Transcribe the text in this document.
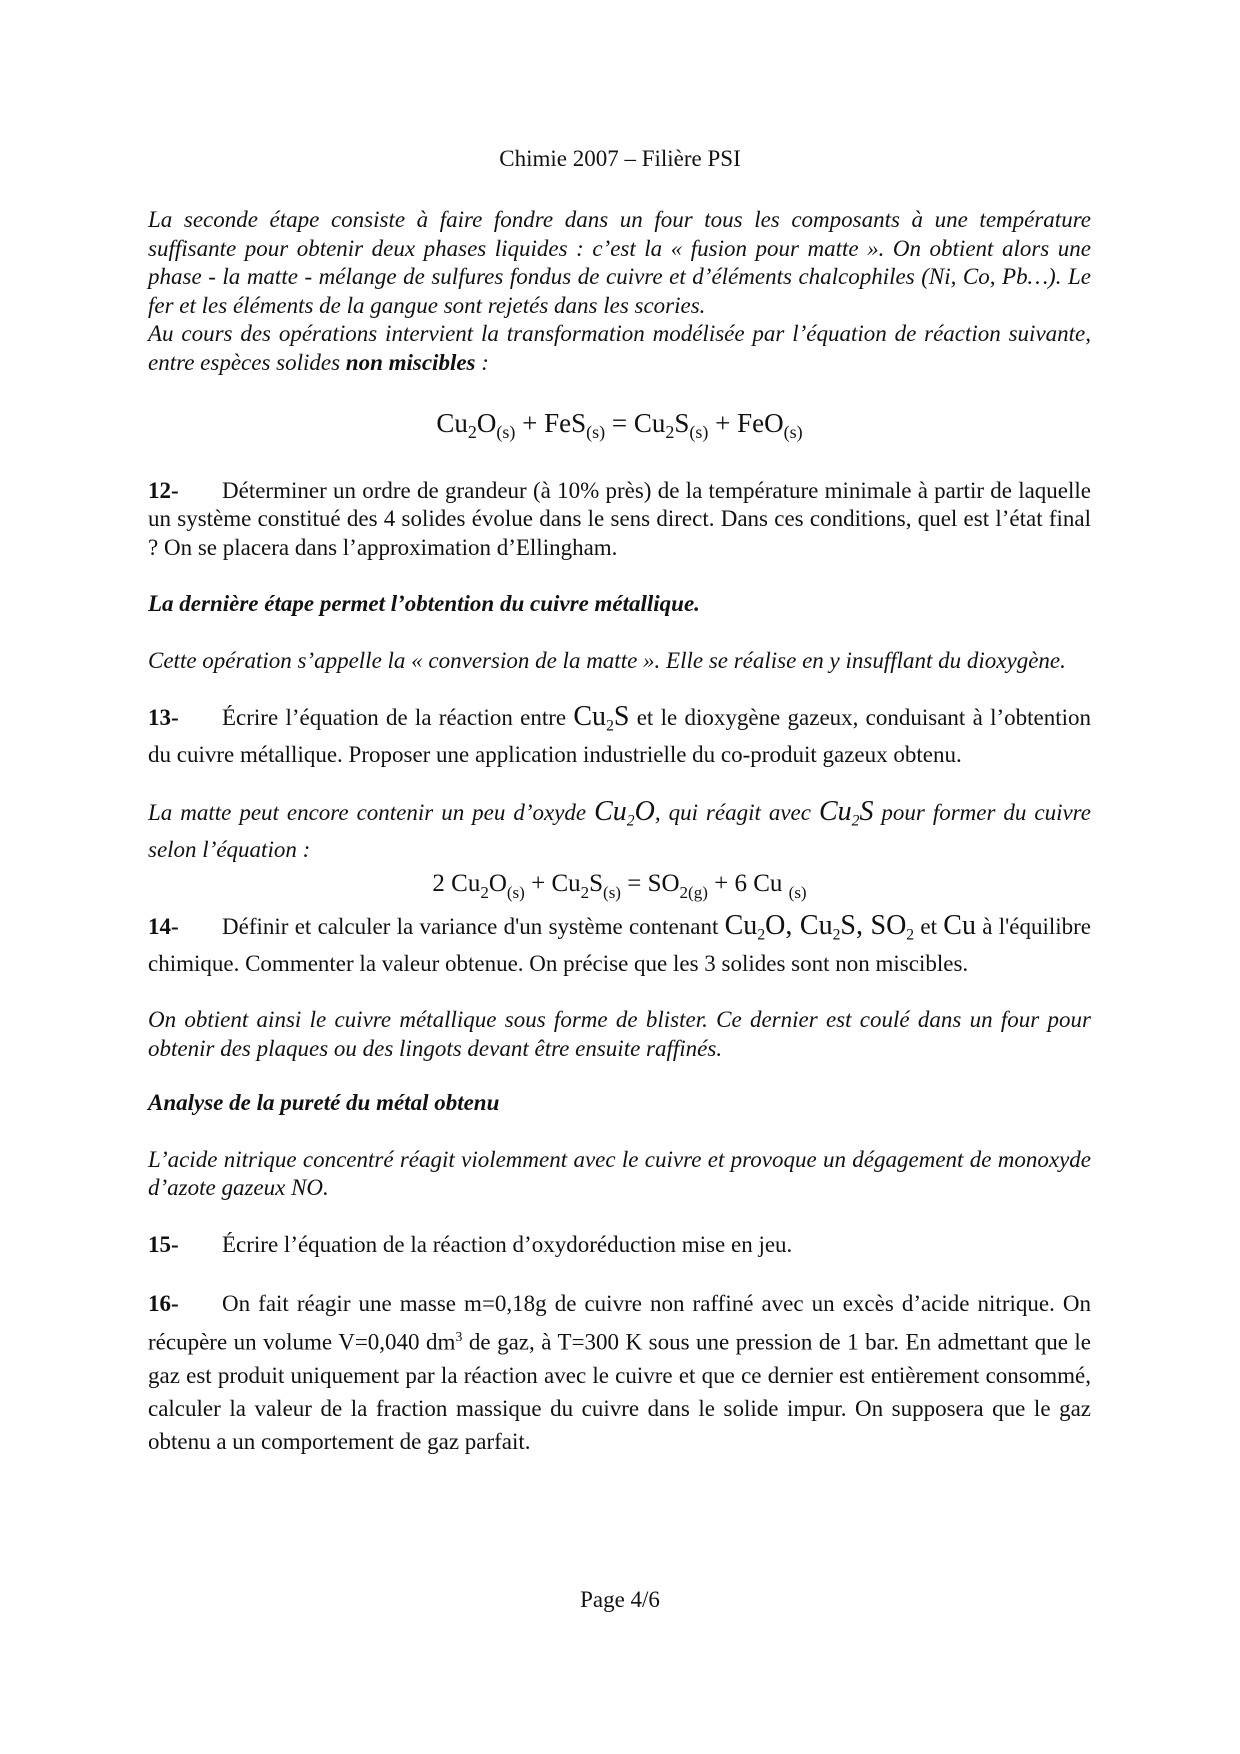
Chimie 2007 – Filière PSI

La seconde étape consiste à faire fondre dans un four tous les composants à une température suffisante pour obtenir deux phases liquides : c’est la « fusion pour matte ». On obtient alors une phase - la matte - mélange de sulfures fondus de cuivre et d’éléments chalcophiles (Ni, Co, Pb…). Le fer et les éléments de la gangue sont rejetés dans les scories.

Au cours des opérations intervient la transformation modélisée par l’équation de réaction suivante, entre espèces solides non miscibles :

$Cu_2O_{(s)} + FeS_{(s)} = Cu_2S_{(s)} + FeO_{(s)}$

12- Déterminer un ordre de grandeur (à 10% près) de la température minimale à partir de laquelle un système constitué des 4 solides évolue dans le sens direct. Dans ces conditions, quel est l’état final ? On se placera dans l’approximation d’Ellingham.

La dernière étape permet l’obtention du cuivre métallique.

Cette opération s’appelle la « conversion de la matte ». Elle se réalise en y insufflant du dioxygène.

13- Écrire l’équation de la réaction entre $Cu_2S$ et le dioxygène gazeux, conduisant à l’obtention du cuivre métallique. Proposer une application industrielle du co-produit gazeux obtenu.

La matte peut encore contenir un peu d’oxyde $Cu_2O$, qui réagit avec $Cu_2S$ pour former du cuivre selon l’équation :

2 $Cu_2O_{(s)} + Cu_2S_{(s)} = SO_{2(g)} + 6$ Cu $_{(s)}$

14- Définir et calculer la variance d'un système contenant $Cu_2O$, $Cu_2S$, $SO_2$ et Cu à l'équilibre chimique. Commenter la valeur obtenue. On précise que les 3 solides sont non miscibles.

On obtient ainsi le cuivre métallique sous forme de blister. Ce dernier est coulé dans un four pour obtenir des plaques ou des lingots devant être ensuite raffinés.

Analyse de la pureté du métal obtenu

L’acide nitrique concentré réagit violemment avec le cuivre et provoque un dégagement de monoxyde d’azote gazeux NO.

15- Écrire l’équation de la réaction d’oxydoréduction mise en jeu.

16- On fait réagir une masse m=0,18g de cuivre non raffiné avec un excès d’acide nitrique. On récupère un volume V=0,040 $dm^3$ de gaz, à T=300 K sous une pression de 1 bar. En admettant que le gaz est produit uniquement par la réaction avec le cuivre et que ce dernier est entièrement consommé, calculer la valeur de la fraction massique du cuivre dans le solide impur. On supposera que le gaz obtenu a un comportement de gaz parfait.

Page 4/6
